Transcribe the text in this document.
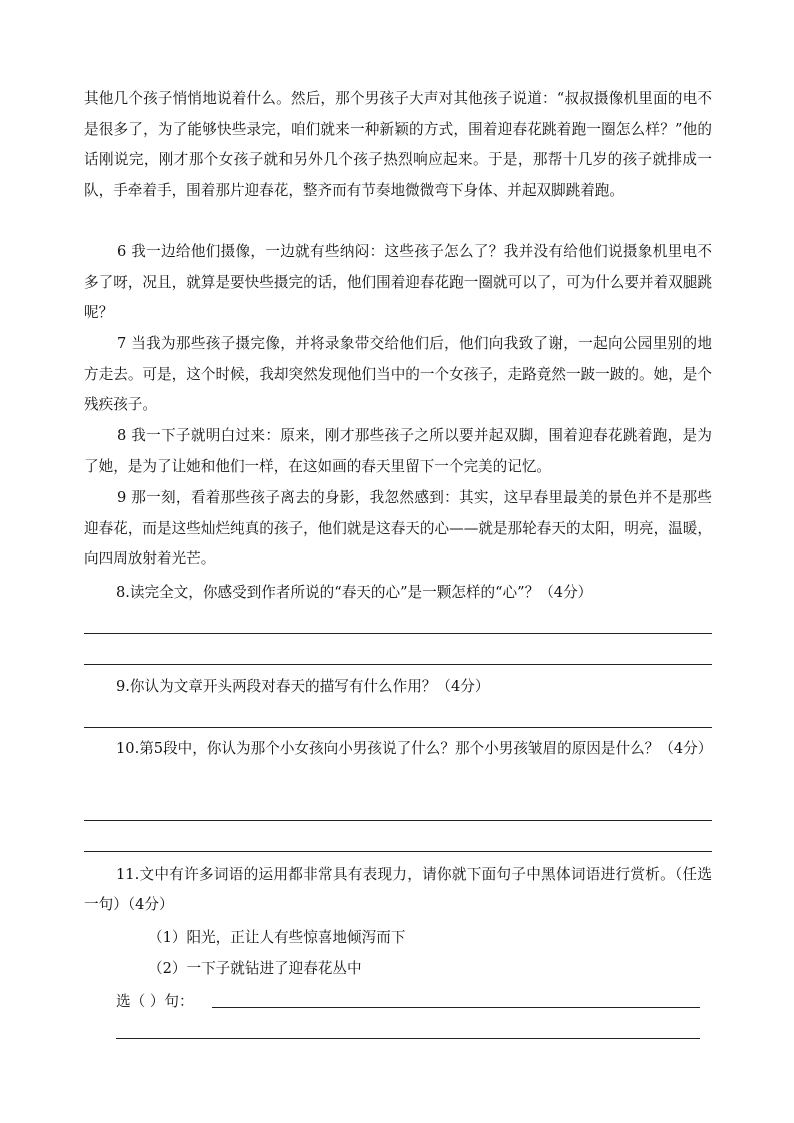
其他几个孩子悄悄地说着什么。然后，那个男孩子大声对其他孩子说道：“叔叔摄像机里面的电不是很多了，为了能够快些录完，咱们就来一种新颖的方式，围着迎春花跳着跑一圈怎么样？”他的话刚说完，刚才那个女孩子就和另外几个孩子热烈响应起来。于是，那帮十几岁的孩子就排成一队，手牵着手，围着那片迎春花，整齐而有节奏地微微弯下身体、并起双脚跳着跑。

6 我一边给他们摄像，一边就有些纳闷：这些孩子怎么了？我并没有给他们说摄象机里电不多了呀，况且，就算是要快些摄完的话，他们围着迎春花跑一圈就可以了，可为什么要并着双腿跳呢？

7 当我为那些孩子摄完像，并将录象带交给他们后，他们向我致了谢，一起向公园里别的地方走去。可是，这个时候，我却突然发现他们当中的一个女孩子，走路竟然一跛一跛的。她，是个残疾孩子。

8 我一下子就明白过来：原来，刚才那些孩子之所以要并起双脚，围着迎春花跳着跑，是为了她，是为了让她和他们一样，在这如画的春天里留下一个完美的记忆。

9 那一刻，看着那些孩子离去的身影，我忽然感到：其实，这早春里最美的景色并不是那些迎春花，而是这些灿烂纯真的孩子，他们就是这春天的心——就是那轮春天的太阳，明亮，温暖，向四周放射着光芒。

8.读完全文，你感受到作者所说的“春天的心”是一颗怎样的“心”？（4分）

9.你认为文章开头两段对春天的描写有什么作用？（4分）

10.第5段中，你认为那个小女孩向小男孩说了什么？那个小男孩皱眉的原因是什么？（4分）

11.文中有许多词语的运用都非常具有表现力，请你就下面句子中黑体词语进行赏析。（任选一句）（4分）

（1）阳光，正让人有些惊喜地倾泻而下

（2）一下子就钻进了迎春花丛中

选（ ）句：
